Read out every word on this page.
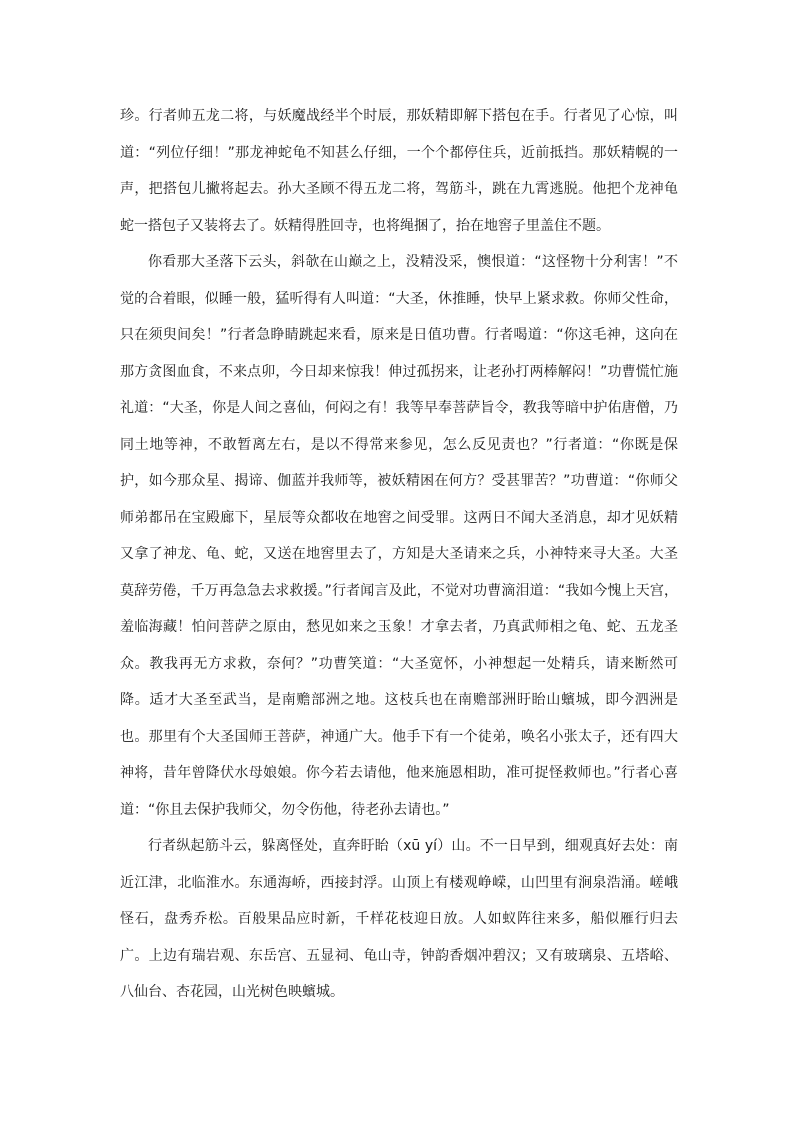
珍。行者帅五龙二将，与妖魔战经半个时辰，那妖精即解下搭包在手。行者见了心惊，叫道：“列位仔细！”那龙神蛇龟不知甚么仔细，一个个都停住兵，近前抵挡。那妖精幌的一声，把搭包儿撇将起去。孙大圣顾不得五龙二将，驾筋斗，跳在九霄逃脱。他把个龙神龟蛇一搭包子又装将去了。妖精得胜回寺，也将绳捆了，抬在地窖子里盖住不题。

你看那大圣落下云头，斜欹在山巅之上，没精没采，懊恨道：“这怪物十分利害！”不觉的合着眼，似睡一般，猛听得有人叫道：“大圣，休推睡，快早上紧求救。你师父性命，只在须臾间矣！”行者急睁睛跳起来看，原来是日值功曹。行者喝道：“你这毛神，这向在那方贪图血食，不来点卯，今日却来惊我！伸过孤拐来，让老孙打两棒解闷！”功曹慌忙施礼道：“大圣，你是人间之喜仙，何闷之有！我等早奉菩萨旨令，教我等暗中护佑唐僧，乃同土地等神，不敢暂离左右，是以不得常来参见，怎么反见责也？”行者道：“你既是保护，如今那众星、揭谛、伽蓝并我师等，被妖精困在何方？受甚罪苦？”功曹道：“你师父师弟都吊在宝殿廊下，星辰等众都收在地窖之间受罪。这两日不闻大圣消息，却才见妖精又拿了神龙、龟、蛇，又送在地窖里去了，方知是大圣请来之兵，小神特来寻大圣。大圣莫辞劳倦，千万再急急去求救援。”行者闻言及此，不觉对功曹滴泪道：“我如今愧上天宫，羞临海藏！怕问菩萨之原由，愁见如来之玉象！才拿去者，乃真武师相之龟、蛇、五龙圣众。教我再无方求救，奈何？”功曹笑道：“大圣宽怀，小神想起一处精兵，请来断然可降。适才大圣至武当，是南赡部洲之地。这枝兵也在南赡部洲盱眙山蠙城，即今泗洲是也。那里有个大圣国师王菩萨，神通广大。他手下有一个徒弟，唤名小张太子，还有四大神将，昔年曾降伏水母娘娘。你今若去请他，他来施恩相助，准可捉怪救师也。”行者心喜道：“你且去保护我师父，勿令伤他，待老孙去请也。”

行者纵起筋斗云，躲离怪处，直奔盱眙（xū yí）山。不一日早到，细观真好去处：南近江津，北临淮水。东通海峤，西接封浮。山顶上有楼观峥嵘，山凹里有涧泉浩涌。嵯峨怪石，盘秀乔松。百般果品应时新，千样花枝迎日放。人如蚁阵往来多，船似雁行归去广。上边有瑞岩观、东岳宫、五显祠、龟山寺，钟韵香烟冲碧汉；又有玻璃泉、五塔峪、八仙台、杏花园，山光树色映蠙城。
